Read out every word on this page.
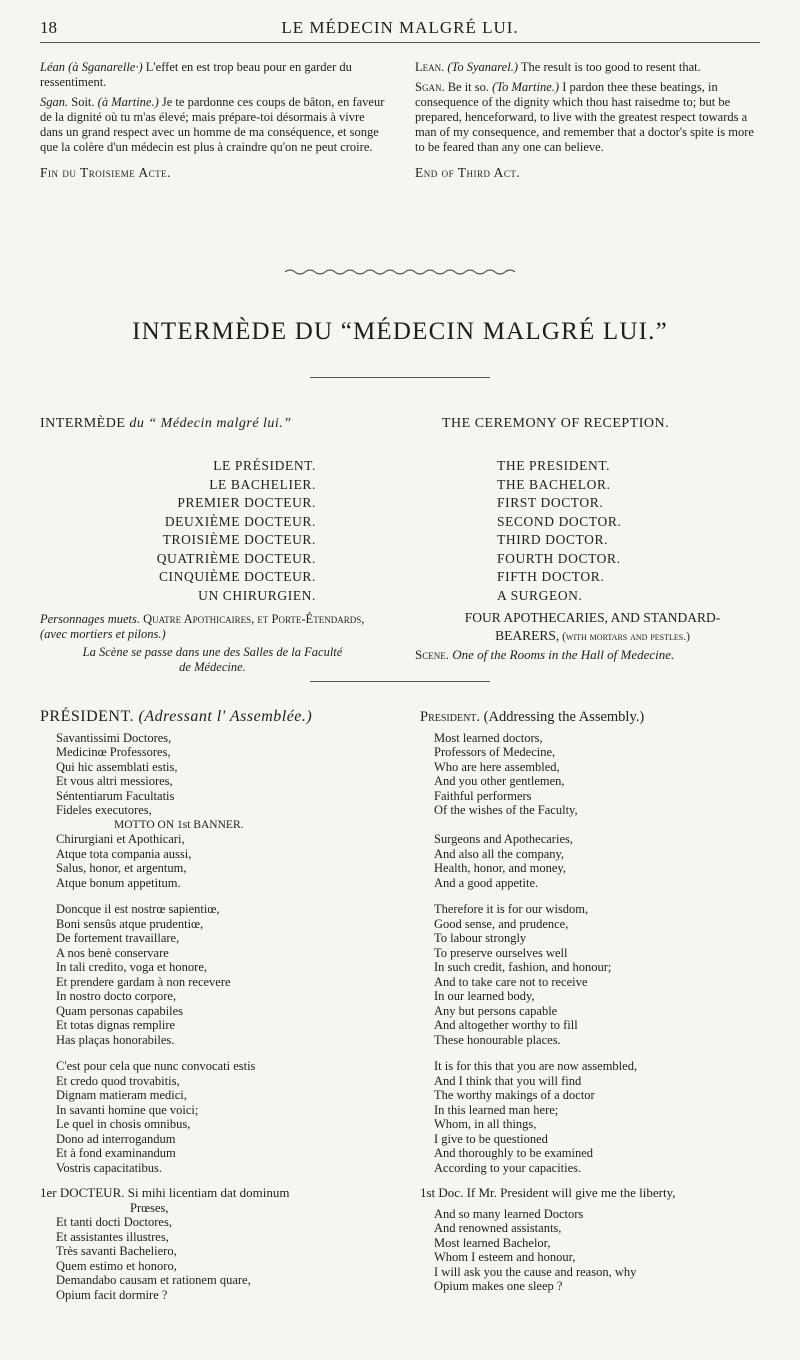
18	LE MÉDECIN MALGRÉ LUI.

Léan (à Sganarelle·) L'effet en est trop beau pour en garder du ressentiment.

Sgan. Soit. (à Martine.) Je te pardonne ces coups de bâton, en faveur de la dignité où tu m'as élevé; mais prépare-toi désormais à vivre dans un grand respect avec un homme de ma conséquence, et songe que la colère d'un médecin est plus à craindre qu'on ne peut croire.

Fin du Troisieme Acte.

Lean. (To Syanarel.) The result is too good to resent that.

Sgan. Be it so. (To Martine.) I pardon thee these beatings, in consequence of the dignity which thou hast raisedme to; but be prepared, henceforward, to live with the greatest respect towards a man of my consequence, and remember that a doctor's spite is more to be feared than any one can believe.

End of Third Act.

INTERMÈDE DU “MÉDECIN MALGRÉ LUI.”
INTERMÈDE du “ Médecin malgré lui.”	THE CEREMONY OF RECEPTION.
LE PRÉSIDENT.
LE BACHELIER.
PREMIER DOCTEUR.
DEUXIÈME DOCTEUR.
TROISIÈME DOCTEUR.
QUATRIÈME DOCTEUR.
CINQUIÈME DOCTEUR.
UN CHIRURGIEN.
THE PRESIDENT.
THE BACHELOR.
FIRST DOCTOR.
SECOND DOCTOR.
THIRD DOCTOR.
FOURTH DOCTOR.
FIFTH DOCTOR.
A SURGEON.
Personnages muets. Quatre Apothicaires, et Porte-Étendards, (avec mortiers et pilons.)
FOUR APOTHECARIES, AND STANDARD-
BEARERS, (with mortars and pestles.)
La Scène se passe dans une des Salles de la Faculté
de Médecine.
Scene. One of the Rooms in the Hall of Medecine.
PRÉSIDENT. (Adressant l' Assemblée.)
Savantissimi Doctores,
Medicinœ Professores,
Qui hic assemblati estis,
Et vous altri messiores,
Séntentiarum Facultatis
Fideles executores,
MOTTO ON 1st BANNER.
Chirurgiani et Apothicari,
Atque tota compania aussi,
Salus, honor, et argentum,
Atque bonum appetitum.
Doncque il est nostrœ sapientiœ,
Boni sensûs atque prudentiœ,
De fortement travaillare,
A nos benè conservare
In tali credito, voga et honore,
Et prendere gardam à non recevere
In nostro docto corpore,
Quam personas capabiles
Et totas dignas remplire
Has plaças honorabiles.
C'est pour cela que nunc convocati estis
Et credo quod trovabitis,
Dignam matieram medici,
In savanti homine que voici;
Le quel in chosis omnibus,
Dono ad interrogandum
Et à fond examinandum
Vostris capacitatibus.
President. (Addressing the Assembly.)
Most learned doctors,
Professors of Medecine,
Who are here assembled,
And you other gentlemen,
Faithful performers
Of the wishes of the Faculty,
Surgeons and Apothecaries,
And also all the company,
Health, honor, and money,
And a good appetite.
Therefore it is for our wisdom,
Good sense, and prudence,
To labour strongly
To preserve ourselves well
In such credit, fashion, and honour;
And to take care not to receive
In our learned body,
Any but persons capable
And altogether worthy to fill
These honourable places.
It is for this that you are now assembled,
And I think that you will find
The worthy makings of a doctor
In this learned man here;
Whom, in all things,
I give to be questioned
And thoroughly to be examined
According to your capacities.
1er DOCTEUR. Si mihi licentiam dat dominum
Prœses,
Et tanti docti Doctores,
Et assistantes illustres,
Très savanti Bacheliero,
Quem estimo et honoro,
Demandabo causam et rationem quare,
Opium facit dormire ?
1st Doc. If Mr. President will give me the liberty,
And so many learned Doctors
And renowned assistants,
Most learned Bachelor,
Whom I esteem and honour,
I will ask you the cause and reason, why
Opium makes one sleep ?
